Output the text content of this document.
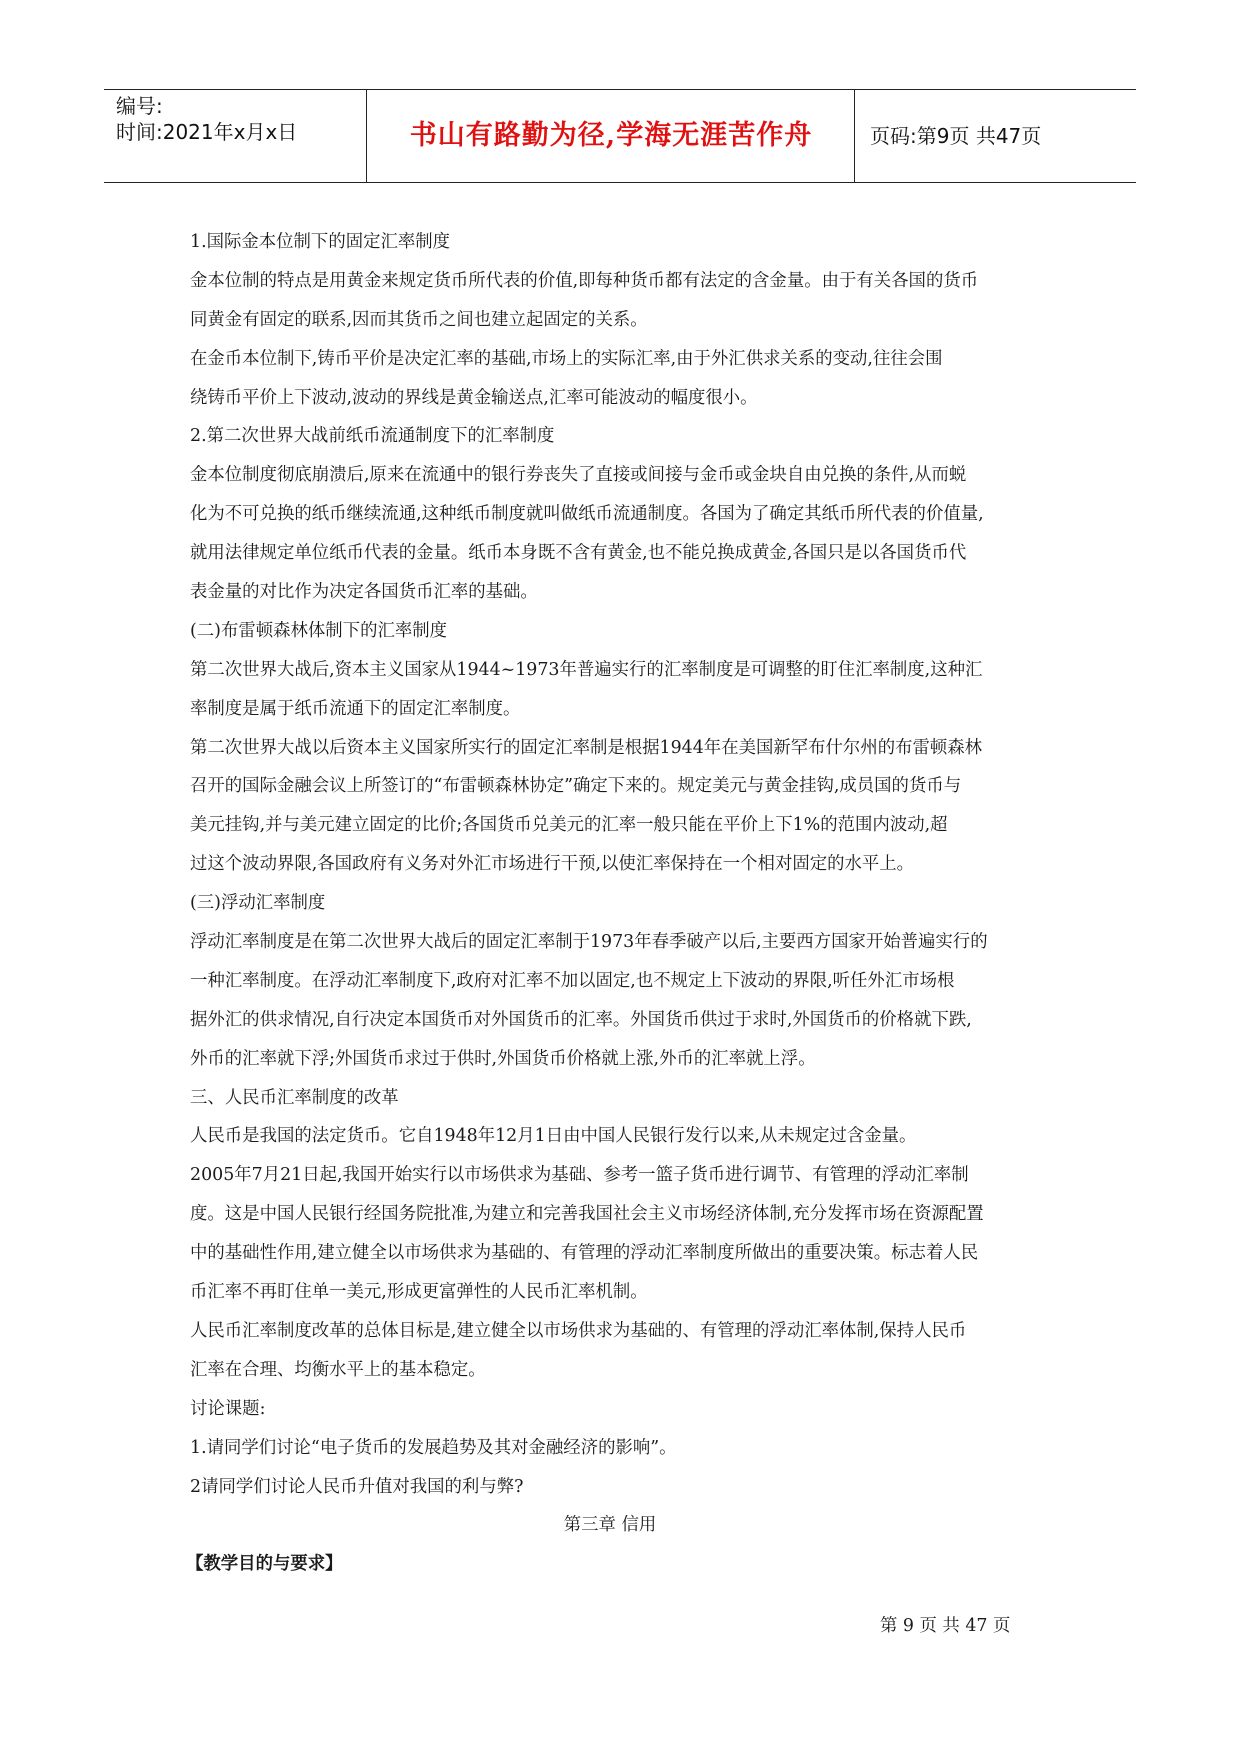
编号:
时间:2021年x月x日	书山有路勤为径,学海无涯苦作舟	页码:第9页 共47页
1.国际金本位制下的固定汇率制度
金本位制的特点是用黄金来规定货币所代表的价值,即每种货币都有法定的含金量。由于有关各国的货币
同黄金有固定的联系,因而其货币之间也建立起固定的关系。
在金币本位制下,铸币平价是决定汇率的基础,市场上的实际汇率,由于外汇供求关系的变动,往往会围
绕铸币平价上下波动,波动的界线是黄金输送点,汇率可能波动的幅度很小。
2.第二次世界大战前纸币流通制度下的汇率制度
金本位制度彻底崩溃后,原来在流通中的银行券丧失了直接或间接与金币或金块自由兑换的条件,从而蜕
化为不可兑换的纸币继续流通,这种纸币制度就叫做纸币流通制度。各国为了确定其纸币所代表的价值量,
就用法律规定单位纸币代表的金量。纸币本身既不含有黄金,也不能兑换成黄金,各国只是以各国货币代
表金量的对比作为决定各国货币汇率的基础。
(二)布雷顿森林体制下的汇率制度
第二次世界大战后,资本主义国家从1944~1973年普遍实行的汇率制度是可调整的盯住汇率制度,这种汇
率制度是属于纸币流通下的固定汇率制度。
第二次世界大战以后资本主义国家所实行的固定汇率制是根据1944年在美国新罕布什尔州的布雷顿森林
召开的国际金融会议上所签订的“布雷顿森林协定”确定下来的。规定美元与黄金挂钩,成员国的货币与
美元挂钩,并与美元建立固定的比价;各国货币兑美元的汇率一般只能在平价上下1%的范围内波动,超
过这个波动界限,各国政府有义务对外汇市场进行干预,以使汇率保持在一个相对固定的水平上。
(三)浮动汇率制度
浮动汇率制度是在第二次世界大战后的固定汇率制于1973年春季破产以后,主要西方国家开始普遍实行的
一种汇率制度。在浮动汇率制度下,政府对汇率不加以固定,也不规定上下波动的界限,听任外汇市场根
据外汇的供求情况,自行决定本国货币对外国货币的汇率。外国货币供过于求时,外国货币的价格就下跌,
外币的汇率就下浮;外国货币求过于供时,外国货币价格就上涨,外币的汇率就上浮。
三、人民币汇率制度的改革
人民币是我国的法定货币。它自1948年12月1日由中国人民银行发行以来,从未规定过含金量。
2005年7月21日起,我国开始实行以市场供求为基础、参考一篮子货币进行调节、有管理的浮动汇率制
度。这是中国人民银行经国务院批准,为建立和完善我国社会主义市场经济体制,充分发挥市场在资源配置
中的基础性作用,建立健全以市场供求为基础的、有管理的浮动汇率制度所做出的重要决策。标志着人民
币汇率不再盯住单一美元,形成更富弹性的人民币汇率机制。
人民币汇率制度改革的总体目标是,建立健全以市场供求为基础的、有管理的浮动汇率体制,保持人民币
汇率在合理、均衡水平上的基本稳定。
讨论课题:
1.请同学们讨论“电子货币的发展趋势及其对金融经济的影响”。
2请同学们讨论人民币升值对我国的利与弊?
第三章 信用
【教学目的与要求】
第 9 页 共 47 页
